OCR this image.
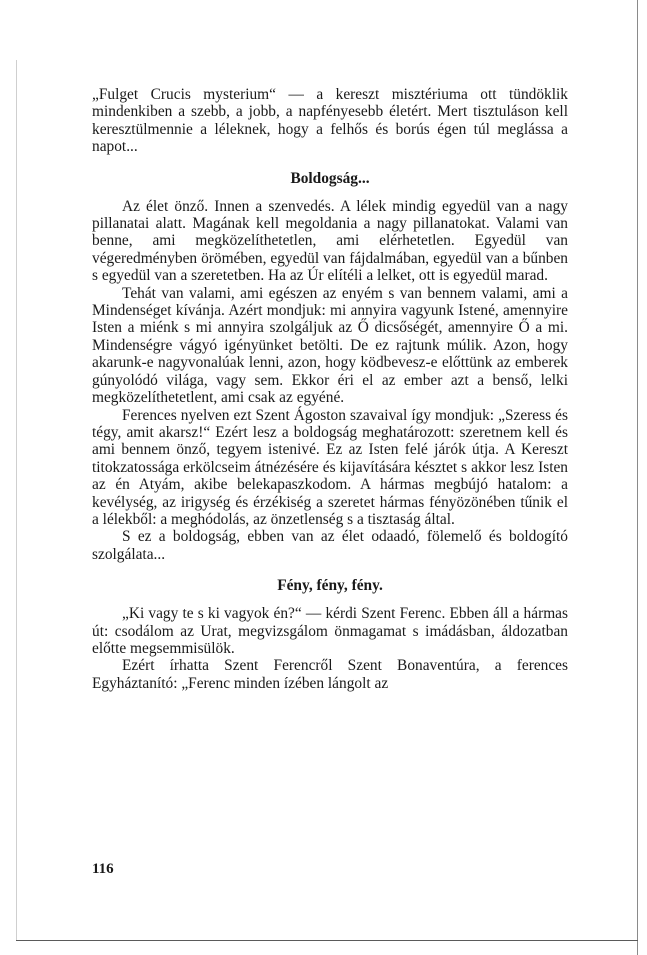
„Fulget Crucis mysterium“ — a kereszt misztériuma ott tündöklik mindenkiben a szebb, a jobb, a napfényesebb életért. Mert tisztuláson kell keresztülmennie a léleknek, hogy a felhős és borús égen túl meglássa a napot...

Boldogság...

Az élet önző. Innen a szenvedés. A lélek mindig egyedül van a nagy pillanatai alatt. Magának kell megoldania a nagy pillanatokat. Valami van benne, ami megközelíthetetlen, ami elérhetetlen. Egyedül van végeredményben örömében, egyedül van fájdalmában, egyedül van a bűnben s egyedül van a szeretetben. Ha az Úr elítéli a lelket, ott is egyedül marad.

Tehát van valami, ami egészen az enyém s van bennem valami, ami a Mindenséget kívánja. Azért mondjuk: mi annyira vagyunk Istené, amennyire Isten a miénk s mi annyira szolgáljuk az Ő dicsőségét, amennyire Ő a mi. Mindenségre vágyó igényünket betölti. De ez rajtunk múlik. Azon, hogy akarunk-e nagyvonalúak lenni, azon, hogy ködbevesz-e előttünk az emberek gúnyolódó világa, vagy sem. Ekkor éri el az ember azt a benső, lelki megközelíthetetlent, ami csak az egyéné.

Ferences nyelven ezt Szent Ágoston szavaival így mondjuk: „Szeress és tégy, amit akarsz!“ Ezért lesz a boldogság meghatározott: szeretnem kell és ami bennem önző, tegyem istenivé. Ez az Isten felé járók útja. A Kereszt titokzatossága erkölcseim átnézésére és kijavítására késztet s akkor lesz Isten az én Atyám, akibe belekapaszkodom. A hármas megbújó hatalom: a kevélység, az irigység és érzékiség a szeretet hármas fényözönében tűnik el a lélekből: a meghódolás, az önzetlenség s a tisztaság által.

S ez a boldogság, ebben van az élet odaadó, fölemelő és boldogító szolgálata...

Fény, fény, fény.

„Ki vagy te s ki vagyok én?“ — kérdi Szent Ferenc. Ebben áll a hármas út: csodálom az Urat, megvizsgálom önmagamat s imádásban, áldozatban előtte megsemmisülök.

Ezért írhatta Szent Ferencről Szent Bonaventúra, a ferences Egyháztanító: „Ferenc minden ízében lángolt az

116
